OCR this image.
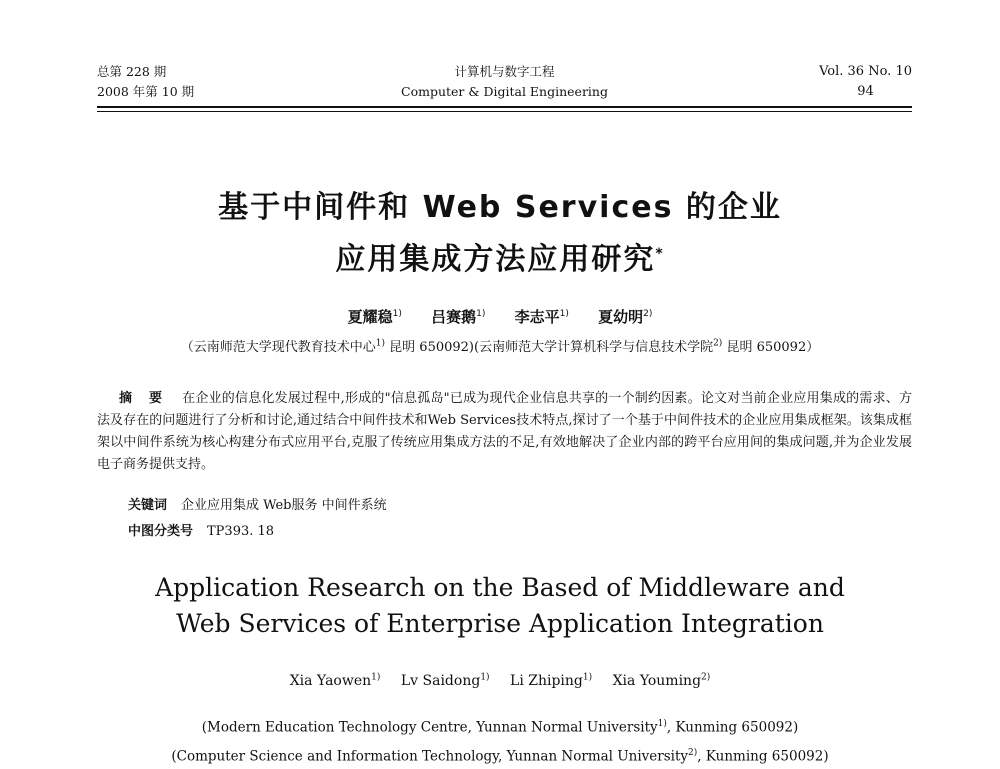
总第 228 期
2008 年第 10 期
计算机与数字工程
Computer & Digital Engineering
Vol. 36 No. 10
94
基于中间件和 Web Services 的企业
应用集成方法应用研究*
夏耀稳$^{1)}$ 吕赛鹅$^{1)}$ 李志平$^{1)}$ 夏幼明$^{2)}$
（云南师范大学现代教育技术中心$^{1)}$ 昆明 650092)(云南师范大学计算机科学与信息技术学院$^{2)}$ 昆明 650092）
摘 要 在企业的信息化发展过程中,形成的"信息孤岛"已成为现代企业信息共享的一个制约因素。论文对当前企业应用集成的需求、方法及存在的问题进行了分析和讨论,通过结合中间件技术和Web Services技术特点,探讨了一个基于中间件技术的企业应用集成框架。该集成框架以中间件系统为核心构建分布式应用平台,克服了传统应用集成方法的不足,有效地解决了企业内部的跨平台应用间的集成问题,并为企业发展电子商务提供支持。
关键词 企业应用集成 Web服务 中间件系统
中图分类号 TP393. 18
Application Research on the Based of Middleware and
Web Services of Enterprise Application Integration
Xia Yaowen$^{1)}$ Lv Saidong$^{1)}$ Li Zhiping$^{1)}$ Xia Youming$^{2)}$
(Modern Education Technology Centre, Yunnan Normal University$^{1)}$, Kunming 650092)
(Computer Science and Information Technology, Yunnan Normal University$^{2)}$, Kunming 650092)
